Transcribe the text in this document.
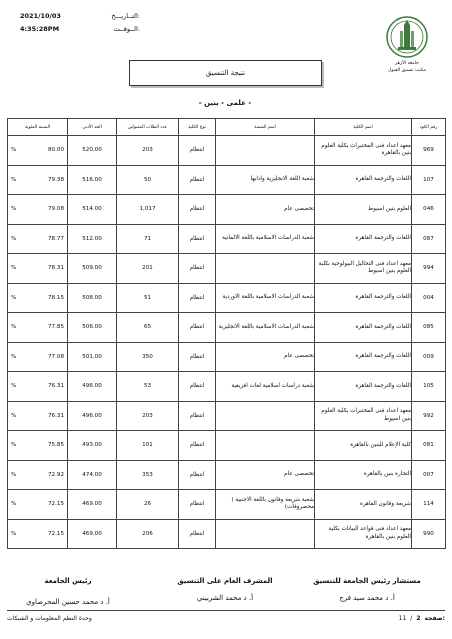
2021/10/03	التــاريـــخ:
4:35:28PM	الــوقــت:
جامعة الأزهر
مكتب تنسيق القبول
نتيجة التنسيق
- علمى - بنين -
رقم الكود	اسم الكلية	اسم الشعبة	نوع الكلية	عدد الطلاب المقبولين	الحد الأدنى	النسبة المئوية
969	معهد اعداد فنى المختبرات بكلية العلوم بنين بالقاهرة		انتظام	203	520.00	% 80.00

107	اللغات والترجمة القاهرة	شعبة اللغة الانجليزية وادابها	انتظام	50	516.00	% 79.38

046	العلوم بنين اسيوط	تخصصى عام	انتظام	1,017	514.00	% 79.08

087	اللغات والترجمة القاهرة	شعبة الدراسات الاسلامية باللغة الالمانية	انتظام	71	512.00	% 78.77

994	معهد اعداد فنى التحاليل البيولوجية بكلية العلوم بنين اسيوط		انتظام	201	509.00	% 78.31

004	اللغات والترجمة القاهرة	شعبة الدراسات الاسلامية باللغة الاوردية	انتظام	51	508.00	% 78.15

085	اللغات والترجمة القاهرة	شعبة الدراسات الاسلامية باللغة الانجليزية	انتظام	65	506.00	% 77.85

009	اللغات والترجمة القاهرة	تخصصى عام	انتظام	350	501.00	% 77.08

105	اللغات والترجمة القاهرة	شعبة دراسات اسلامية لغات افريقية	انتظام	53	496.00	% 76.31

992	معهد اعداد فنى المختبرات بكلية العلوم بنين اسيوط		انتظام	203	496.00	% 76.31

081	كلية الإعلام للبنين بالقاهرة		انتظام	101	493.00	% 75.85

007	التجارة بنين بالقاهرة	تخصصى عام	انتظام	353	474.00	% 72.92

114	شريعة وقانون القاهرة	شعبة شريعة وقانون باللغة الاجنبية ( محصروفات)	انتظام	26	469.00	% 72.15

990	معهد اعداد فنى قواعد البيانات بكلية العلوم بنين بالقاهرة		انتظام	206	469.00	% 72.15
مستشار رئيس الجامعة للتنسيق
أ. د محمد سيد فرج
المشرف العام على التنسيق
أ. د محمد الشربيني
رئيس الجامعة
أ. د محمد حسين المحرصاوي
وحدة النظم المعلومات و الشبكات	11 / 2 صفحة:
